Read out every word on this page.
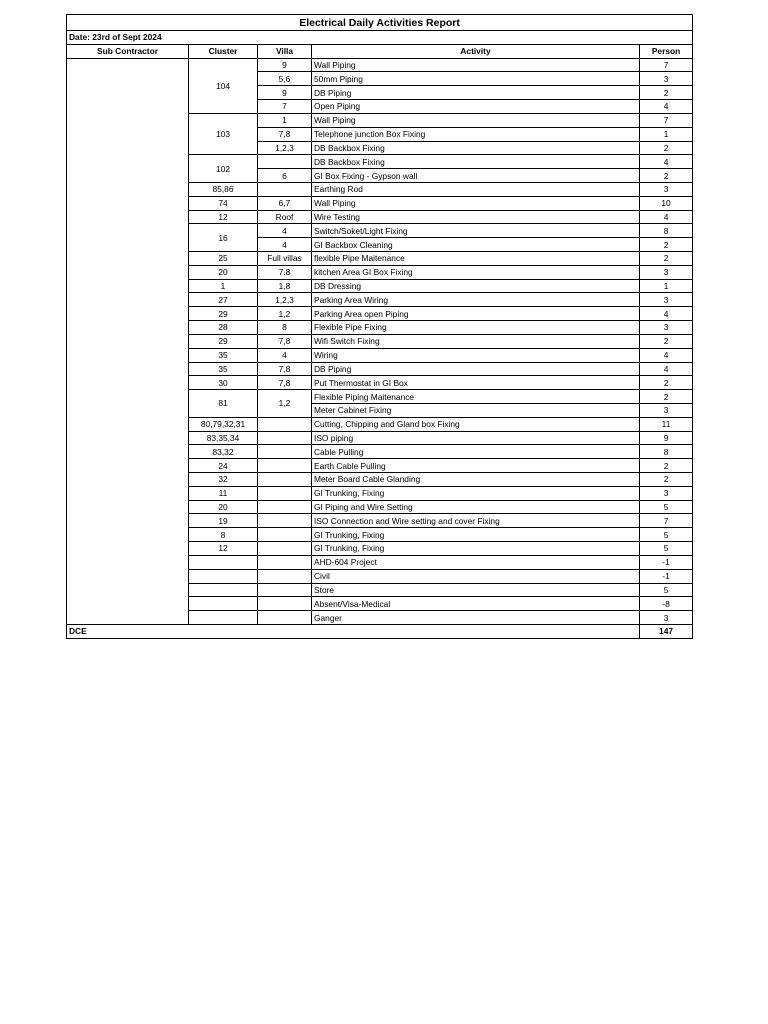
Electrical Daily Activities Report				
Date: 23rd of Sept 2024				
Sub Contractor	Cluster	Villa	Activity	Person
	104	9	Wall Piping	7
		5,6	50mm Piping	3
		9	DB Piping	2
		7	Open Piping	4
	103	1	Wall Piping	7
		7,8	Telephone junction Box Fixing	1
		1,2,3	DB Backbox Fixing	2
	102		DB Backbox Fixing	4
		6	GI Box Fixing - Gypson wall	2
	85,86		Earthing Rod	3
	74	6,7	Wall Piping	10
	12	Roof	Wire Testing	4
	16	4	Switch/Soket/Light Fixing	8
		4	GI Backbox Cleaning	2
	25	Full villas	flexible Pipe Maitenance	2
	20	7.8	kitchen Area GI Box Fixing	3
	1	1,8	DB Dressing	1
	27	1,2,3	Parking Area Wiring	3
	29	1,2	Parking Area open Piping	4
	28	8	Flexible Pipe Fixing	3
	29	7,8	Wifi Switch Fixing	2
	35	4	Wiring	4
	35	7,8	DB Piping	4
	30	7,8	Put Thermostat in GI Box	2
	81	1,2	Flexible Piping Maitenance	2
			Meter Cabinet Fixing	3
	80,79,32,31		Cutting, Chipping and Gland box Fixing	11
	83,35,34		ISO piping	9
	83,32		Cable Pulling	8
	24		Earth Cable Pulling	2
	32		Meter Board Cable Glanding	2
	11		GI Trunking, Fixing	3
	20		GI Piping and Wire Setting	5
	19		ISO Connection and Wire setting and cover Fixing	7
	8		GI Trunking, Fixing	5
	12		GI Trunking, Fixing	5
			AHD-604 Project	-1
			Civil	-1
			Store	5
			Absent/Visa-Medical	-8
			Ganger	3
DCE				147
